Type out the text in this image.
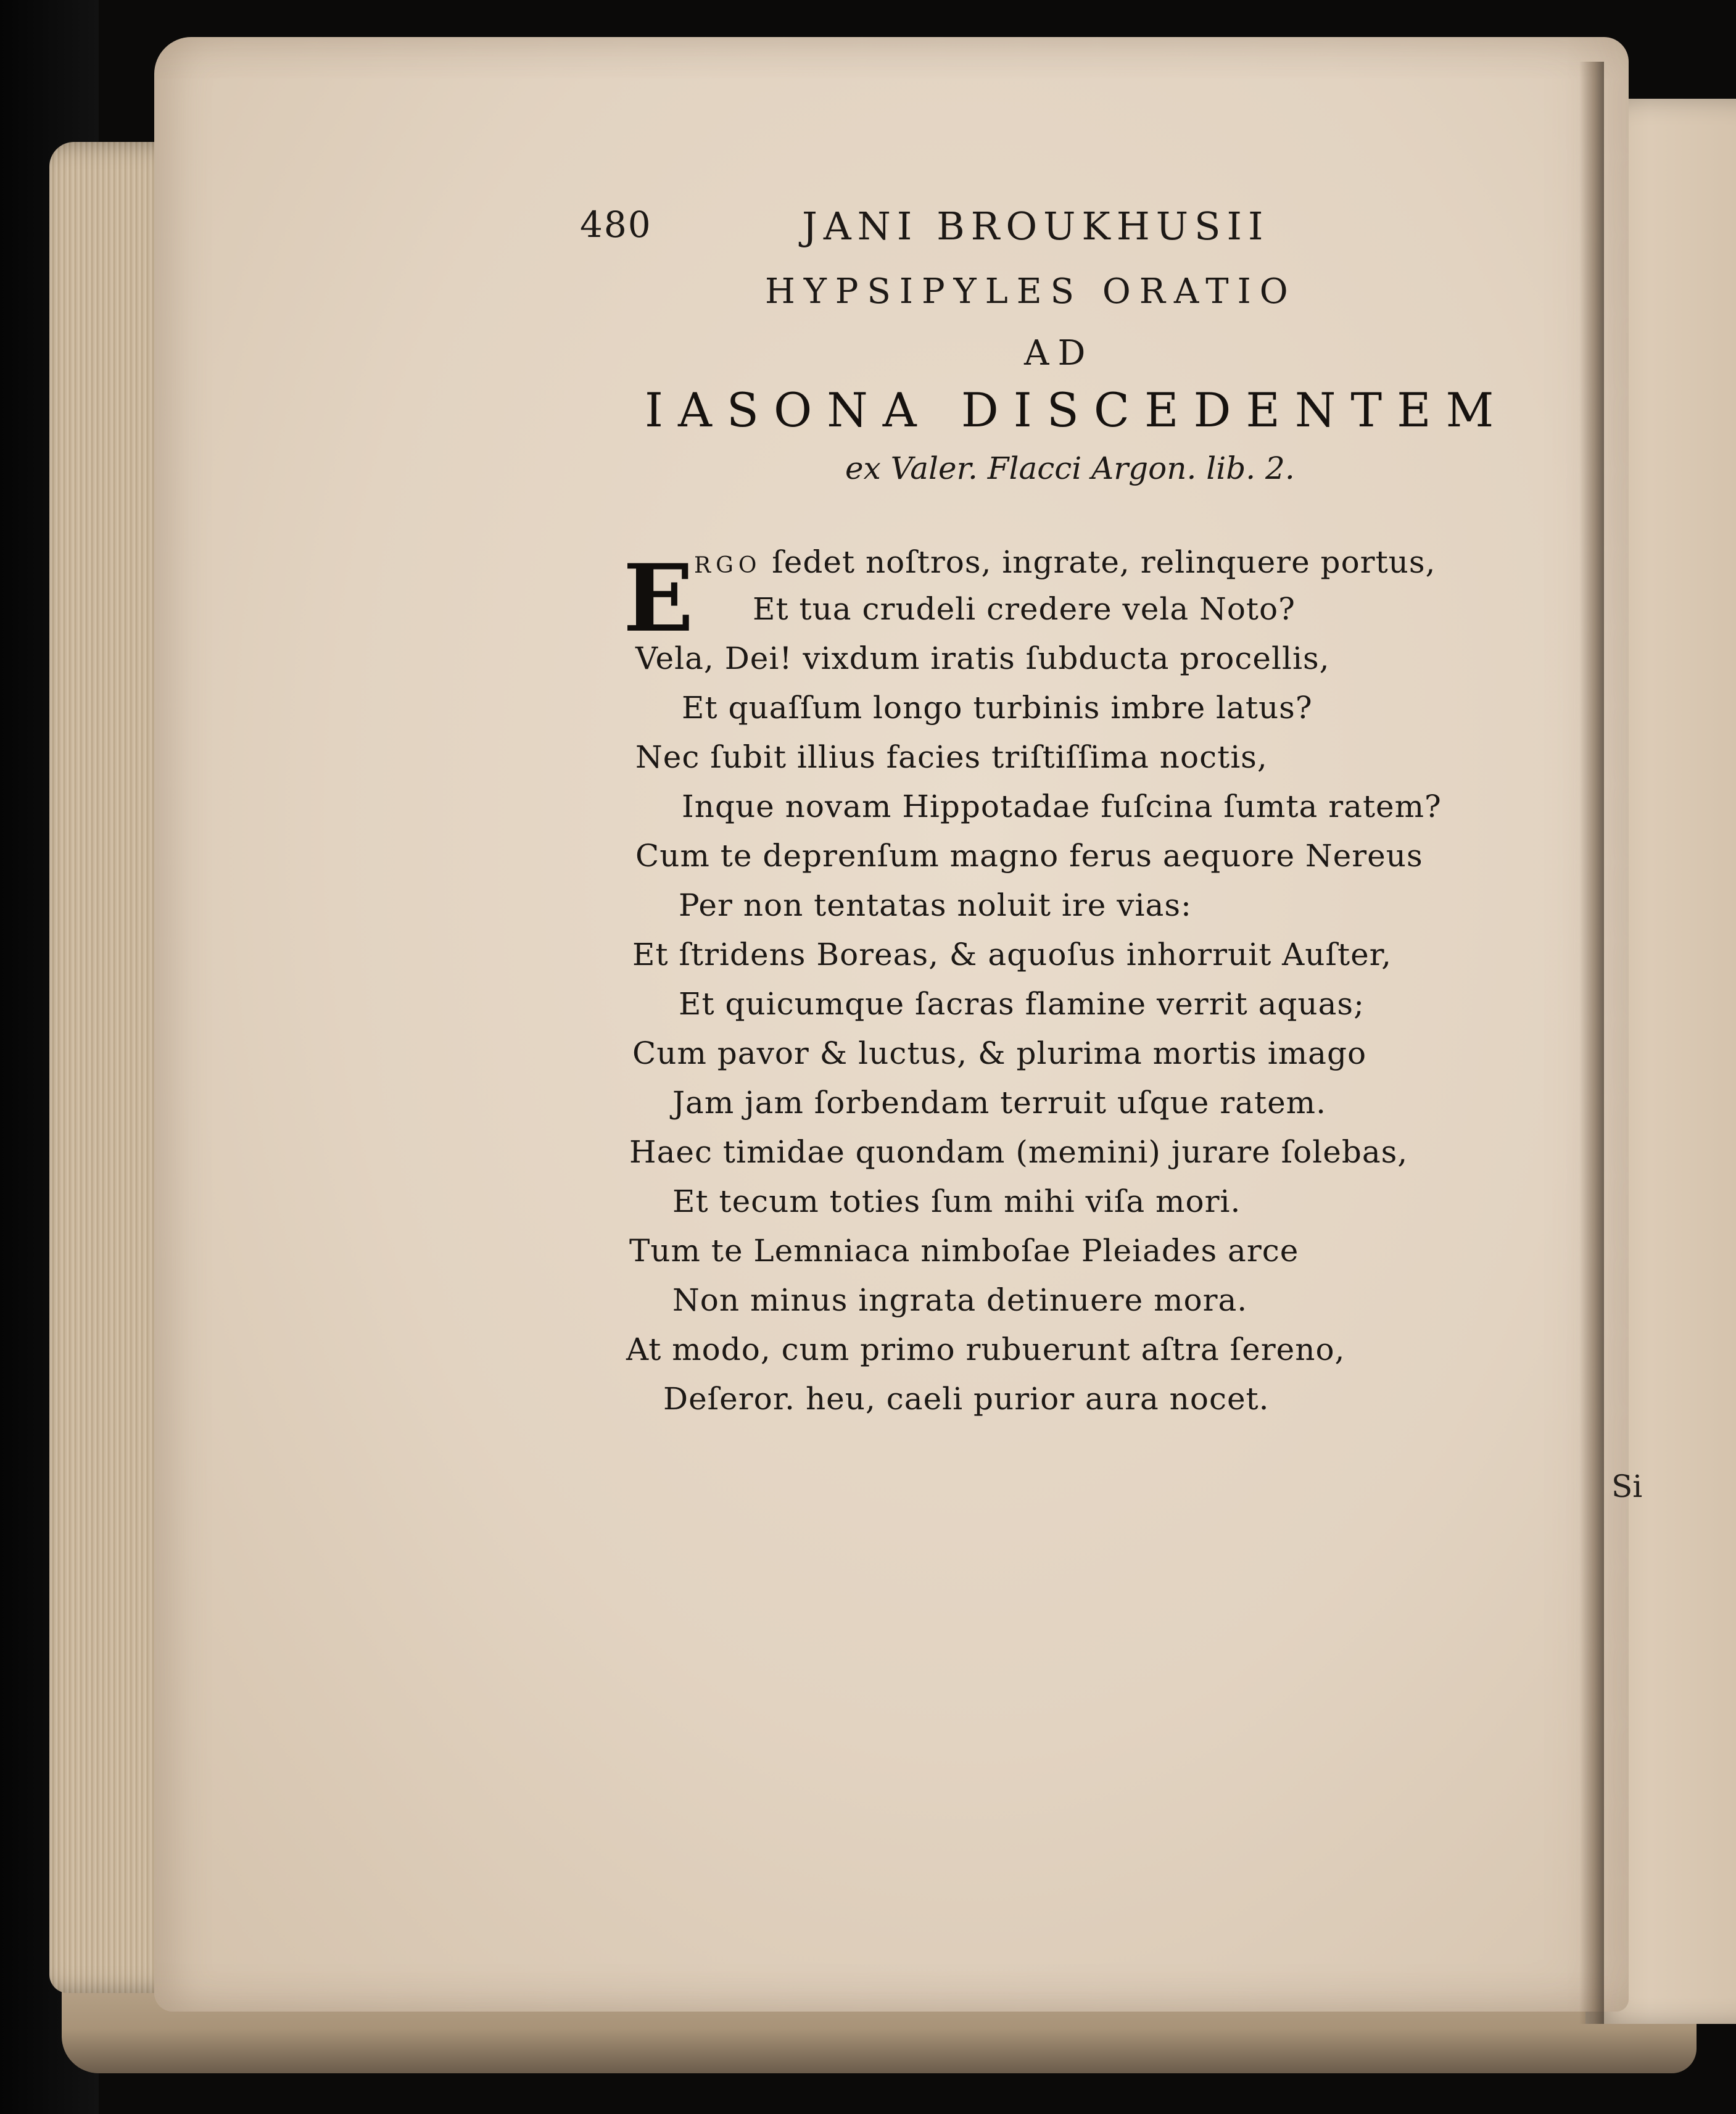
480	JANI BROUKHUSII
HYPSIPYLES ORATIO
AD
IASONA DISCEDENTEM
ex Valer. Flacci Argon. lib. 2.
E RGO ſedet noſtros, ingrate, relinquere portus,
Et tua crudeli credere vela Noto?
Vela, Dei! vixdum iratis ſubducta procellis,
Et quaſſum longo turbinis imbre latus?
Nec ſubit illius facies triſtiſſima noctis,
Inque novam Hippotadae fuſcina ſumta ratem?
Cum te deprenſum magno ferus aequore Nereus
Per non tentatas noluit ire vias:
Et ſtridens Boreas, & aquoſus inhorruit Auſter,
Et quicumque ſacras flamine verrit aquas;
Cum pavor & luctus, & plurima mortis imago
Jam jam ſorbendam terruit uſque ratem.
Haec timidae quondam (memini) jurare ſolebas,
Et tecum toties ſum mihi viſa mori.
Tum te Lemniaca nimboſae Pleiades arce
Non minus ingrata detinuere mora.
At modo, cum primo rubuerunt aſtra ſereno,
Deſeror. heu, caeli purior aura nocet.
Si
